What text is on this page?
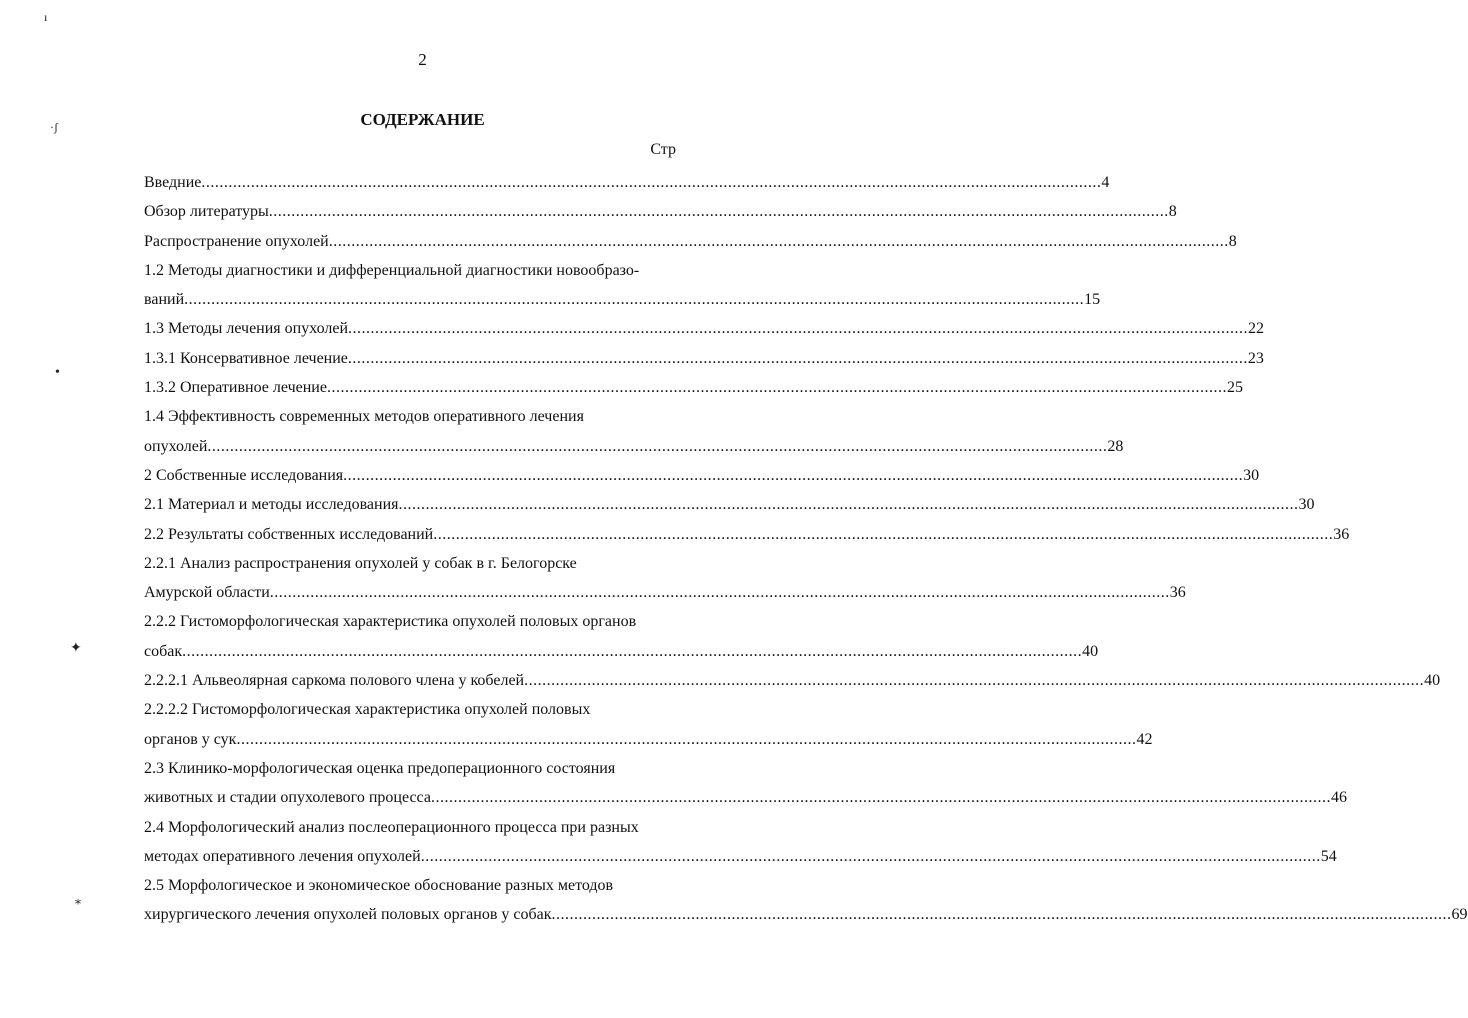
ı
·ʃ
•
✦
⁎
2
СОДЕРЖАНИЕ
Стр
Введние ........................................................................................................................................................................................................ 4
Обзор литературы ........................................................................................................................................................................................................ 8
Распространение опухолей ........................................................................................................................................................................................................ 8
1.2 Методы диагностики и дифференциальной диагностики новообразо-
ваний ........................................................................................................................................................................................................ 15
1.3 Методы лечения опухолей ........................................................................................................................................................................................................ 22
1.3.1 Консервативное лечение ........................................................................................................................................................................................................ 23
1.3.2 Оперативное лечение ........................................................................................................................................................................................................ 25
1.4 Эффективность современных методов оперативного лечения
опухолей ........................................................................................................................................................................................................ 28
2 Собственные исследования ........................................................................................................................................................................................................ 30
2.1 Материал и методы исследования ........................................................................................................................................................................................................ 30
2.2 Результаты собственных исследований ........................................................................................................................................................................................................ 36
2.2.1 Анализ распространения опухолей у собак в г. Белогорске
Амурской области ........................................................................................................................................................................................................ 36
2.2.2 Гистоморфологическая характеристика опухолей половых органов
собак ........................................................................................................................................................................................................ 40
2.2.2.1 Альвеолярная саркома полового члена у кобелей ........................................................................................................................................................................................................ 40
2.2.2.2 Гистоморфологическая характеристика опухолей половых
органов у сук ........................................................................................................................................................................................................ 42
2.3 Клинико-морфологическая оценка предоперационного состояния
животных и стадии опухолевого процесса ........................................................................................................................................................................................................ 46
2.4 Морфологический анализ послеоперационного процесса при разных
методах оперативного лечения опухолей ........................................................................................................................................................................................................ 54
2.5 Морфологическое и экономическое обоснование разных методов
хирургического лечения опухолей половых органов у собак ........................................................................................................................................................................................................ 69
